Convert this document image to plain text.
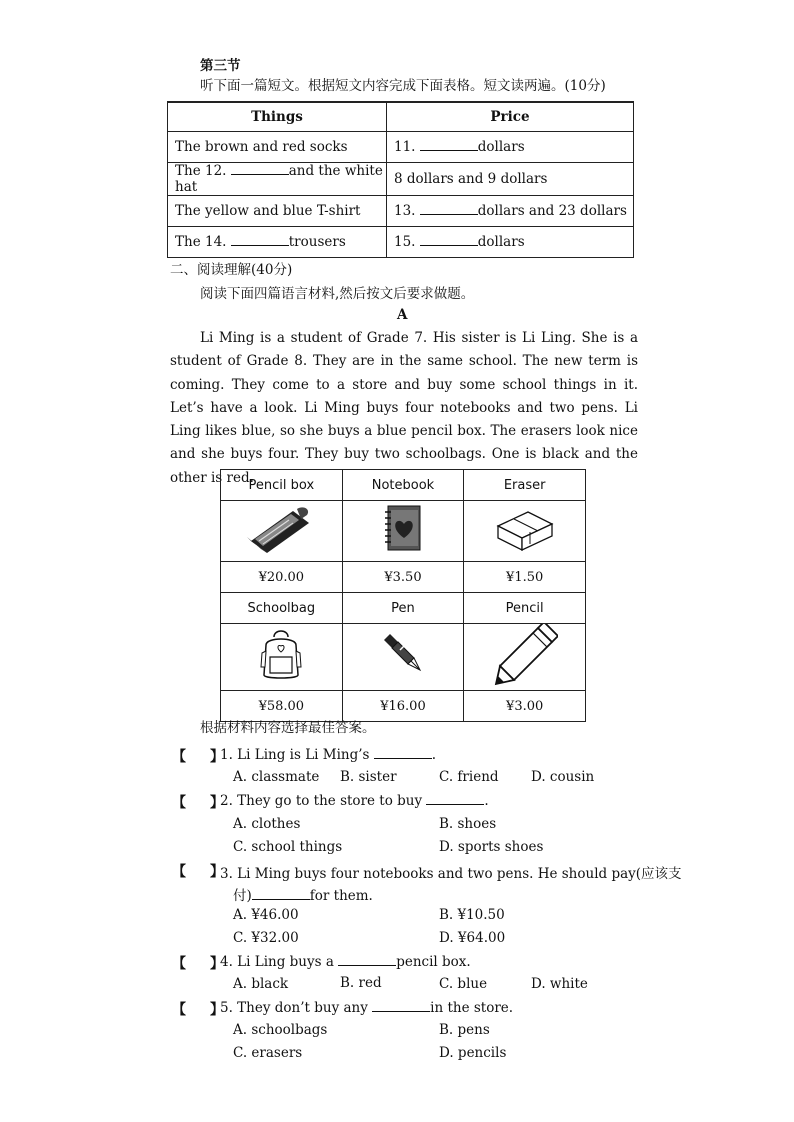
第三节
听下面一篇短文。根据短文内容完成下面表格。短文读两遍。(10分)
Things	Price
The brown and red socks	11. dollars
The 12. and the white hat	8 dollars and 9 dollars
The yellow and blue T-shirt	13. dollars and 23 dollars
The 14. trousers	15. dollars
二、阅读理解(40分)
阅读下面四篇语言材料,然后按文后要求做题。
A
Li Ming is a student of Grade 7. His sister is Li Ling. She is a student of Grade 8. They are in the same school. The new term is coming. They come to a store and buy some school things in it. Let’s have a look. Li Ming buys four notebooks and two pens. Li Ling likes blue, so she buys a blue pencil box. The erasers look nice and she buys four. They buy two schoolbags. One is black and the other is red.
Pencil box	Notebook	Eraser

¥20.00	¥3.50	¥1.50
Schoolbag	Pen	Pencil

¥58.00	¥16.00	¥3.00
根据材料内容选择最佳答案。
【 】
1. Li Ling is Li Ming’s	.
A. classmate B. sister	C. friend D. cousin
【 】
2. They go to the store to buy	.
A. clothes	B. shoes
C. school things	D. sports shoes
【 】
3. Li Ming buys four notebooks and two pens. He should pay(应该支
付)	for them.
A. ¥46.00	B. ¥10.50
C. ¥32.00	D. ¥64.00
【 】
4. Li Ling buys a	pencil box.
A. black	B. red	C. blue	D. white
【 】
5. They don’t buy any	in the store.
A. schoolbags	B. pens
C. erasers	D. pencils
